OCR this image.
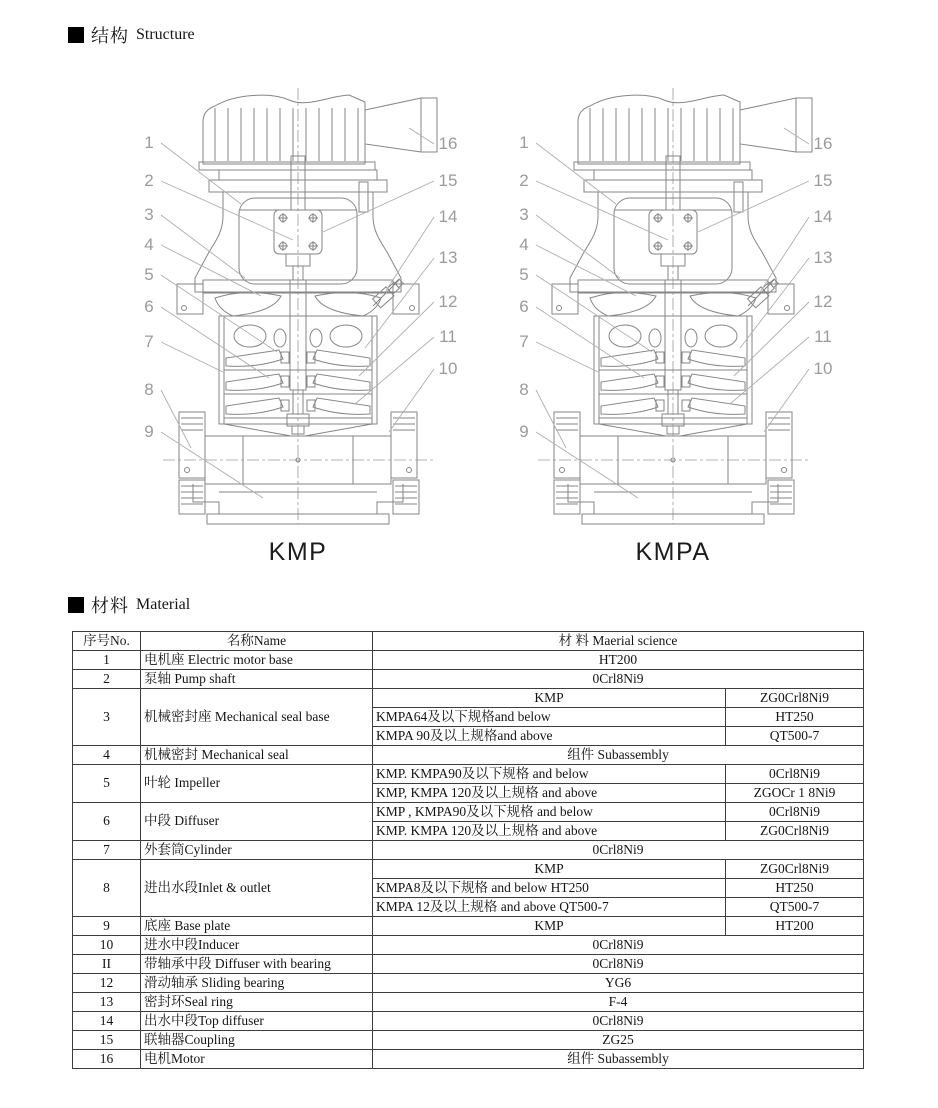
结构 Structure
1
2
3
4
5
6
7
8
9
16
15
14
13
12
11
10
KMP
1
2
3
4
5
6
7
8
9
16
15
14
13
12
11
10
KMPA
材料 Material
序号No.	名称Name	材 料 Maerial science	
1	电机座 Electric motor base	HT200	
2	泵轴 Pump shaft	0Crl8Ni9	
3	机械密封座 Mechanical seal base	KMP	ZG0Crl8Ni9
		KMPA64及以下规格and below	HT250
		KMPA 90及以上规格and above	QT500-7
4	机械密封 Mechanical seal	组件 Subassembly	
5	叶轮 Impeller	KMP. KMPA90及以下规格 and below	0Crl8Ni9
		KMP, KMPA 120及以上规格 and above	ZGOCr 1 8Ni9
6	中段 Diffuser	KMP , KMPA90及以下规格 and below	0Crl8Ni9
		KMP. KMPA 120及以上规格 and above	ZG0Crl8Ni9
7	外套筒Cylinder	0Crl8Ni9	
8	进出水段Inlet & outlet	KMP	ZG0Crl8Ni9
		KMPA8及以下规格 and below HT250	HT250
		KMPA 12及以上规格 and above QT500-7	QT500-7
9	底座 Base plate	KMP	HT200
10	进水中段Inducer	0Crl8Ni9	
II	带轴承中段 Diffuser with bearing	0Crl8Ni9	
12	滑动轴承 Sliding bearing	YG6	
13	密封环Seal ring	F-4	
14	出水中段Top diffuser	0Crl8Ni9	
15	联轴器Coupling	ZG25	
16	电机Motor	组件 Subassembly	
